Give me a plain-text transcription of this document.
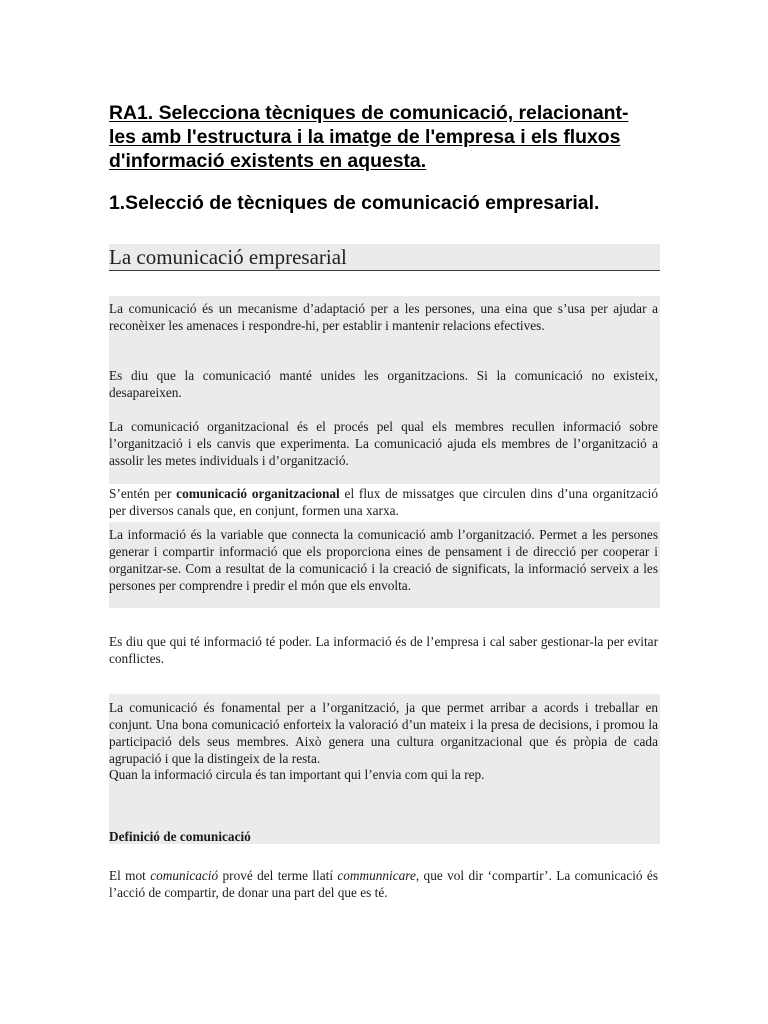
RA1. Selecciona tècniques de comunicació, relacionant-
les amb l'estructura i la imatge de l'empresa i els fluxos
d'informació existents en aquesta.
1.Selecció de tècniques de comunicació empresarial.
La comunicació empresarial

La comunicació és un mecanisme d’adaptació per a les persones, una eina que s’usa per ajudar a reconèixer les amenaces i respondre-hi, per establir i mantenir relacions efectives.

Es diu que la comunicació manté unides les organitzacions. Si la comunicació no existeix, desapareixen.

La comunicació organitzacional és el procés pel qual els membres recullen informació sobre l’organització i els canvis que experimenta. La comunicació ajuda els membres de l’organització a assolir les metes individuals i d’organització.

S’entén per comunicació organitzacional el flux de missatges que circulen dins d’una organització per diversos canals que, en conjunt, formen una xarxa.

La informació és la variable que connecta la comunicació amb l’organització. Permet a les persones generar i compartir informació que els proporciona eines de pensament i de direcció per cooperar i organitzar-se. Com a resultat de la comunicació i la creació de significats, la informació serveix a les persones per comprendre i predir el món que els envolta.

Es diu que qui té informació té poder. La informació és de l’empresa i cal saber gestionar-la per evitar conflictes.

La comunicació és fonamental per a l’organització, ja que permet arribar a acords i treballar en conjunt. Una bona comunicació enforteix la valoració d’un mateix i la presa de decisions, i promou la participació dels seus membres. Això genera una cultura organitzacional que és pròpia de cada agrupació i que la distingeix de la resta.

Quan la informació circula és tan important qui l’envia com qui la rep.

Definició de comunicació

El mot comunicació prové del terme llatí communnicare, que vol dir ‘compartir’. La comunicació és l’acció de compartir, de donar una part del que es té.
